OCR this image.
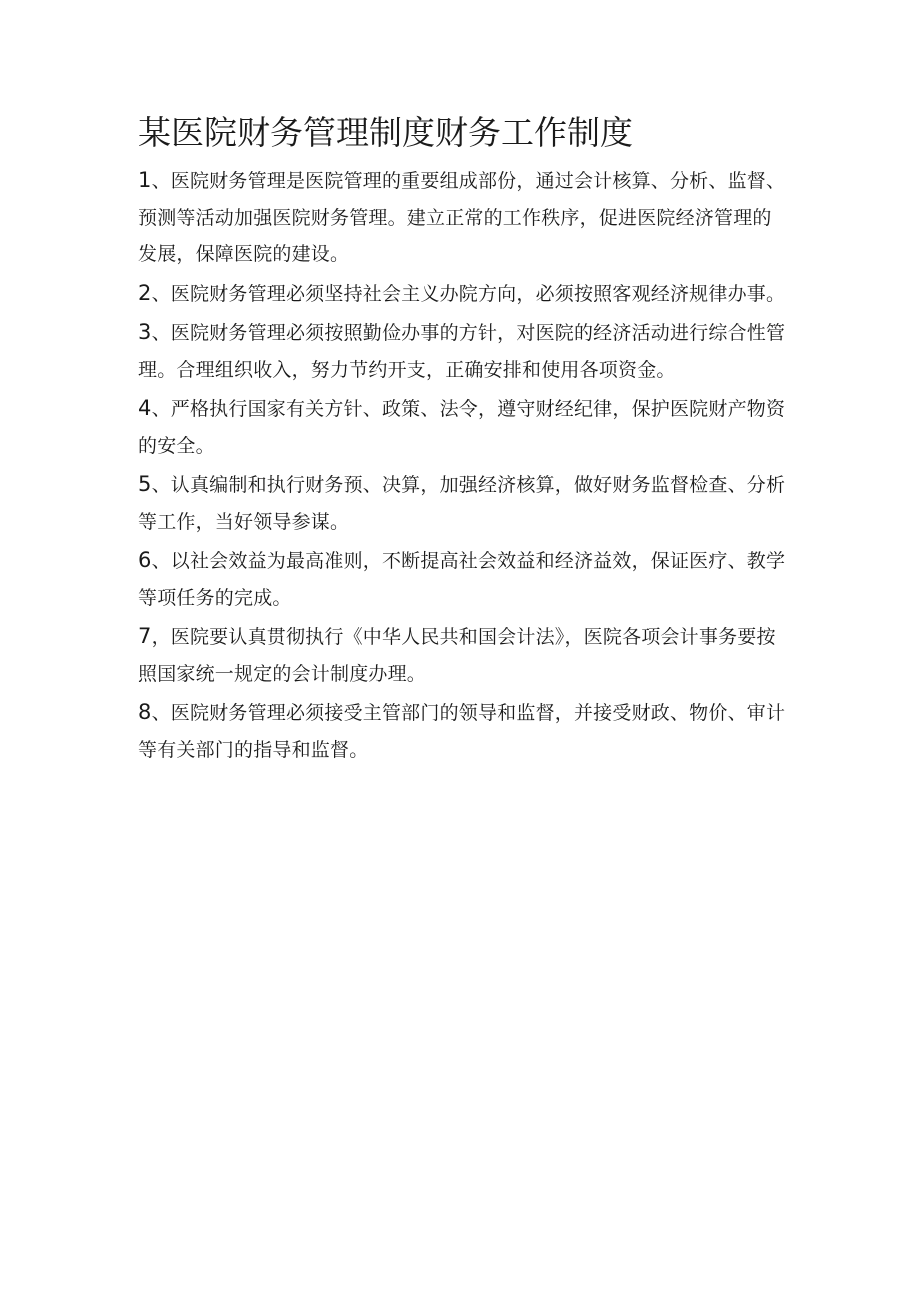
某医院财务管理制度财务工作制度
1、医院财务管理是医院管理的重要组成部份，通过会计核算、分析、监督、预测等活动加强医院财务管理。建立正常的工作秩序，促进医院经济管理的发展，保障医院的建设。
2、医院财务管理必须坚持社会主义办院方向，必须按照客观经济规律办事。
3、医院财务管理必须按照勤俭办事的方针，对医院的经济活动进行综合性管理。合理组织收入，努力节约开支，正确安排和使用各项资金。
4、严格执行国家有关方针、政策、法令，遵守财经纪律，保护医院财产物资的安全。
5、认真编制和执行财务预、决算，加强经济核算，做好财务监督检查、分析等工作，当好领导参谋。
6、以社会效益为最高准则，不断提高社会效益和经济益效，保证医疗、教学等项任务的完成。
7，医院要认真贯彻执行《中华人民共和国会计法》，医院各项会计事务要按照国家统一规定的会计制度办理。
8、医院财务管理必须接受主管部门的领导和监督，并接受财政、物价、审计等有关部门的指导和监督。
